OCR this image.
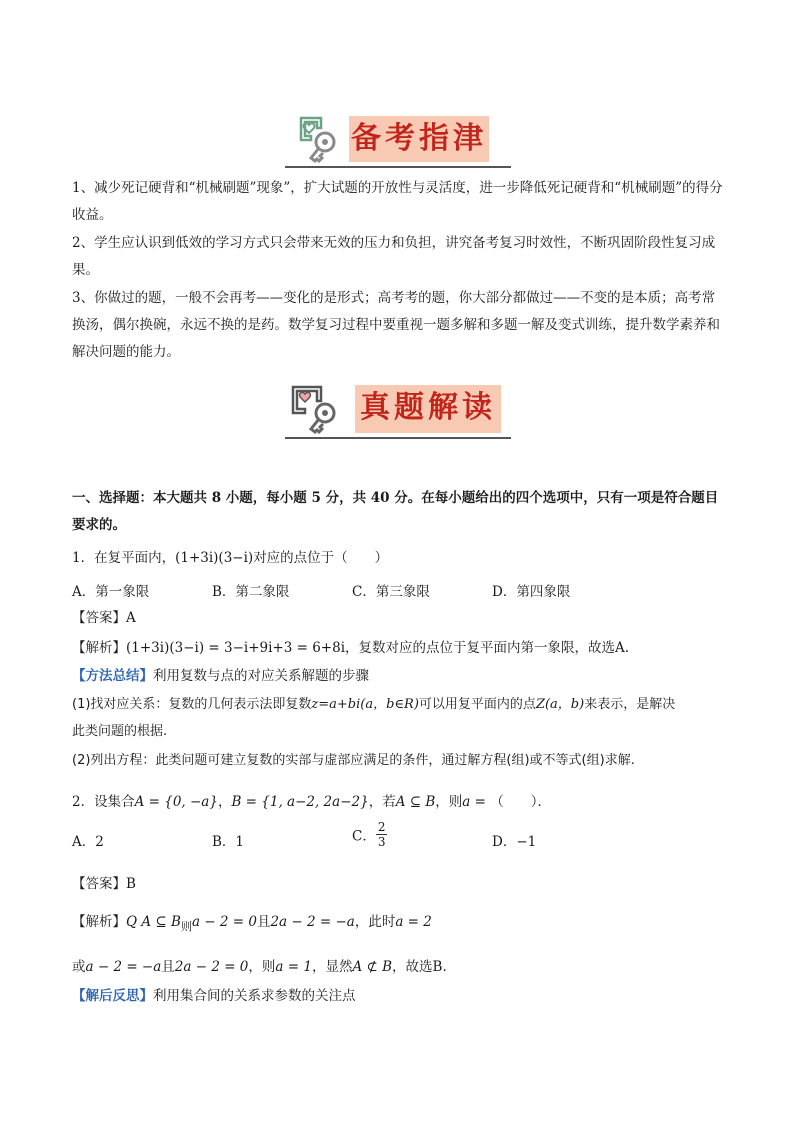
备考指津
1、减少死记硬背和“机械刷题”现象”，扩大试题的开放性与灵活度，进一步降低死记硬背和“机械刷题”的得分收益。
2、学生应认识到低效的学习方式只会带来无效的压力和负担，讲究备考复习时效性，不断巩固阶段性复习成果。
3、你做过的题，一般不会再考——变化的是形式；高考考的题，你大部分都做过——不变的是本质；高考常换汤，偶尔换碗，永远不换的是药。数学复习过程中要重视一题多解和多题一解及变式训练，提升数学素养和解决问题的能力。
真题解读
一、选择题：本大题共 8 小题，每小题 5 分，共 40 分。在每小题给出的四个选项中，只有一项是符合题目
要求的。
1．在复平面内，(1+3i)(3−i)对应的点位于（　　）
A．第一象限	B．第二象限	C．第三象限	D．第四象限
【答案】A
【解析】(1+3i)(3−i) = 3−i+9i+3 = 6+8i，复数对应的点位于复平面内第一象限，故选A.
【方法总结】利用复数与点的对应关系解题的步骤
(1)找对应关系：复数的几何表示法即复数z=a+bi(a，b∈R)可以用复平面内的点Z(a，b)来表示，是解决
此类问题的根据.
(2)列出方程：此类问题可建立复数的实部与虚部应满足的条件，通过解方程(组)或不等式(组)求解.
2．设集合A = {0, −a}，B = {1, a−2, 2a−2}，若A ⊆ B，则a = （　　）．
A．2	B．1	C． $\frac{2}{3}$	D．−1
【答案】B
【解析】Q A ⊆ $B_则a - 2 = 0$且2a − 2 = −a，此时a = 2
或a − 2 = −a且2a − 2 = 0，则a = 1，显然A ⊄ B，故选B.
【解后反思】利用集合间的关系求参数的关注点
